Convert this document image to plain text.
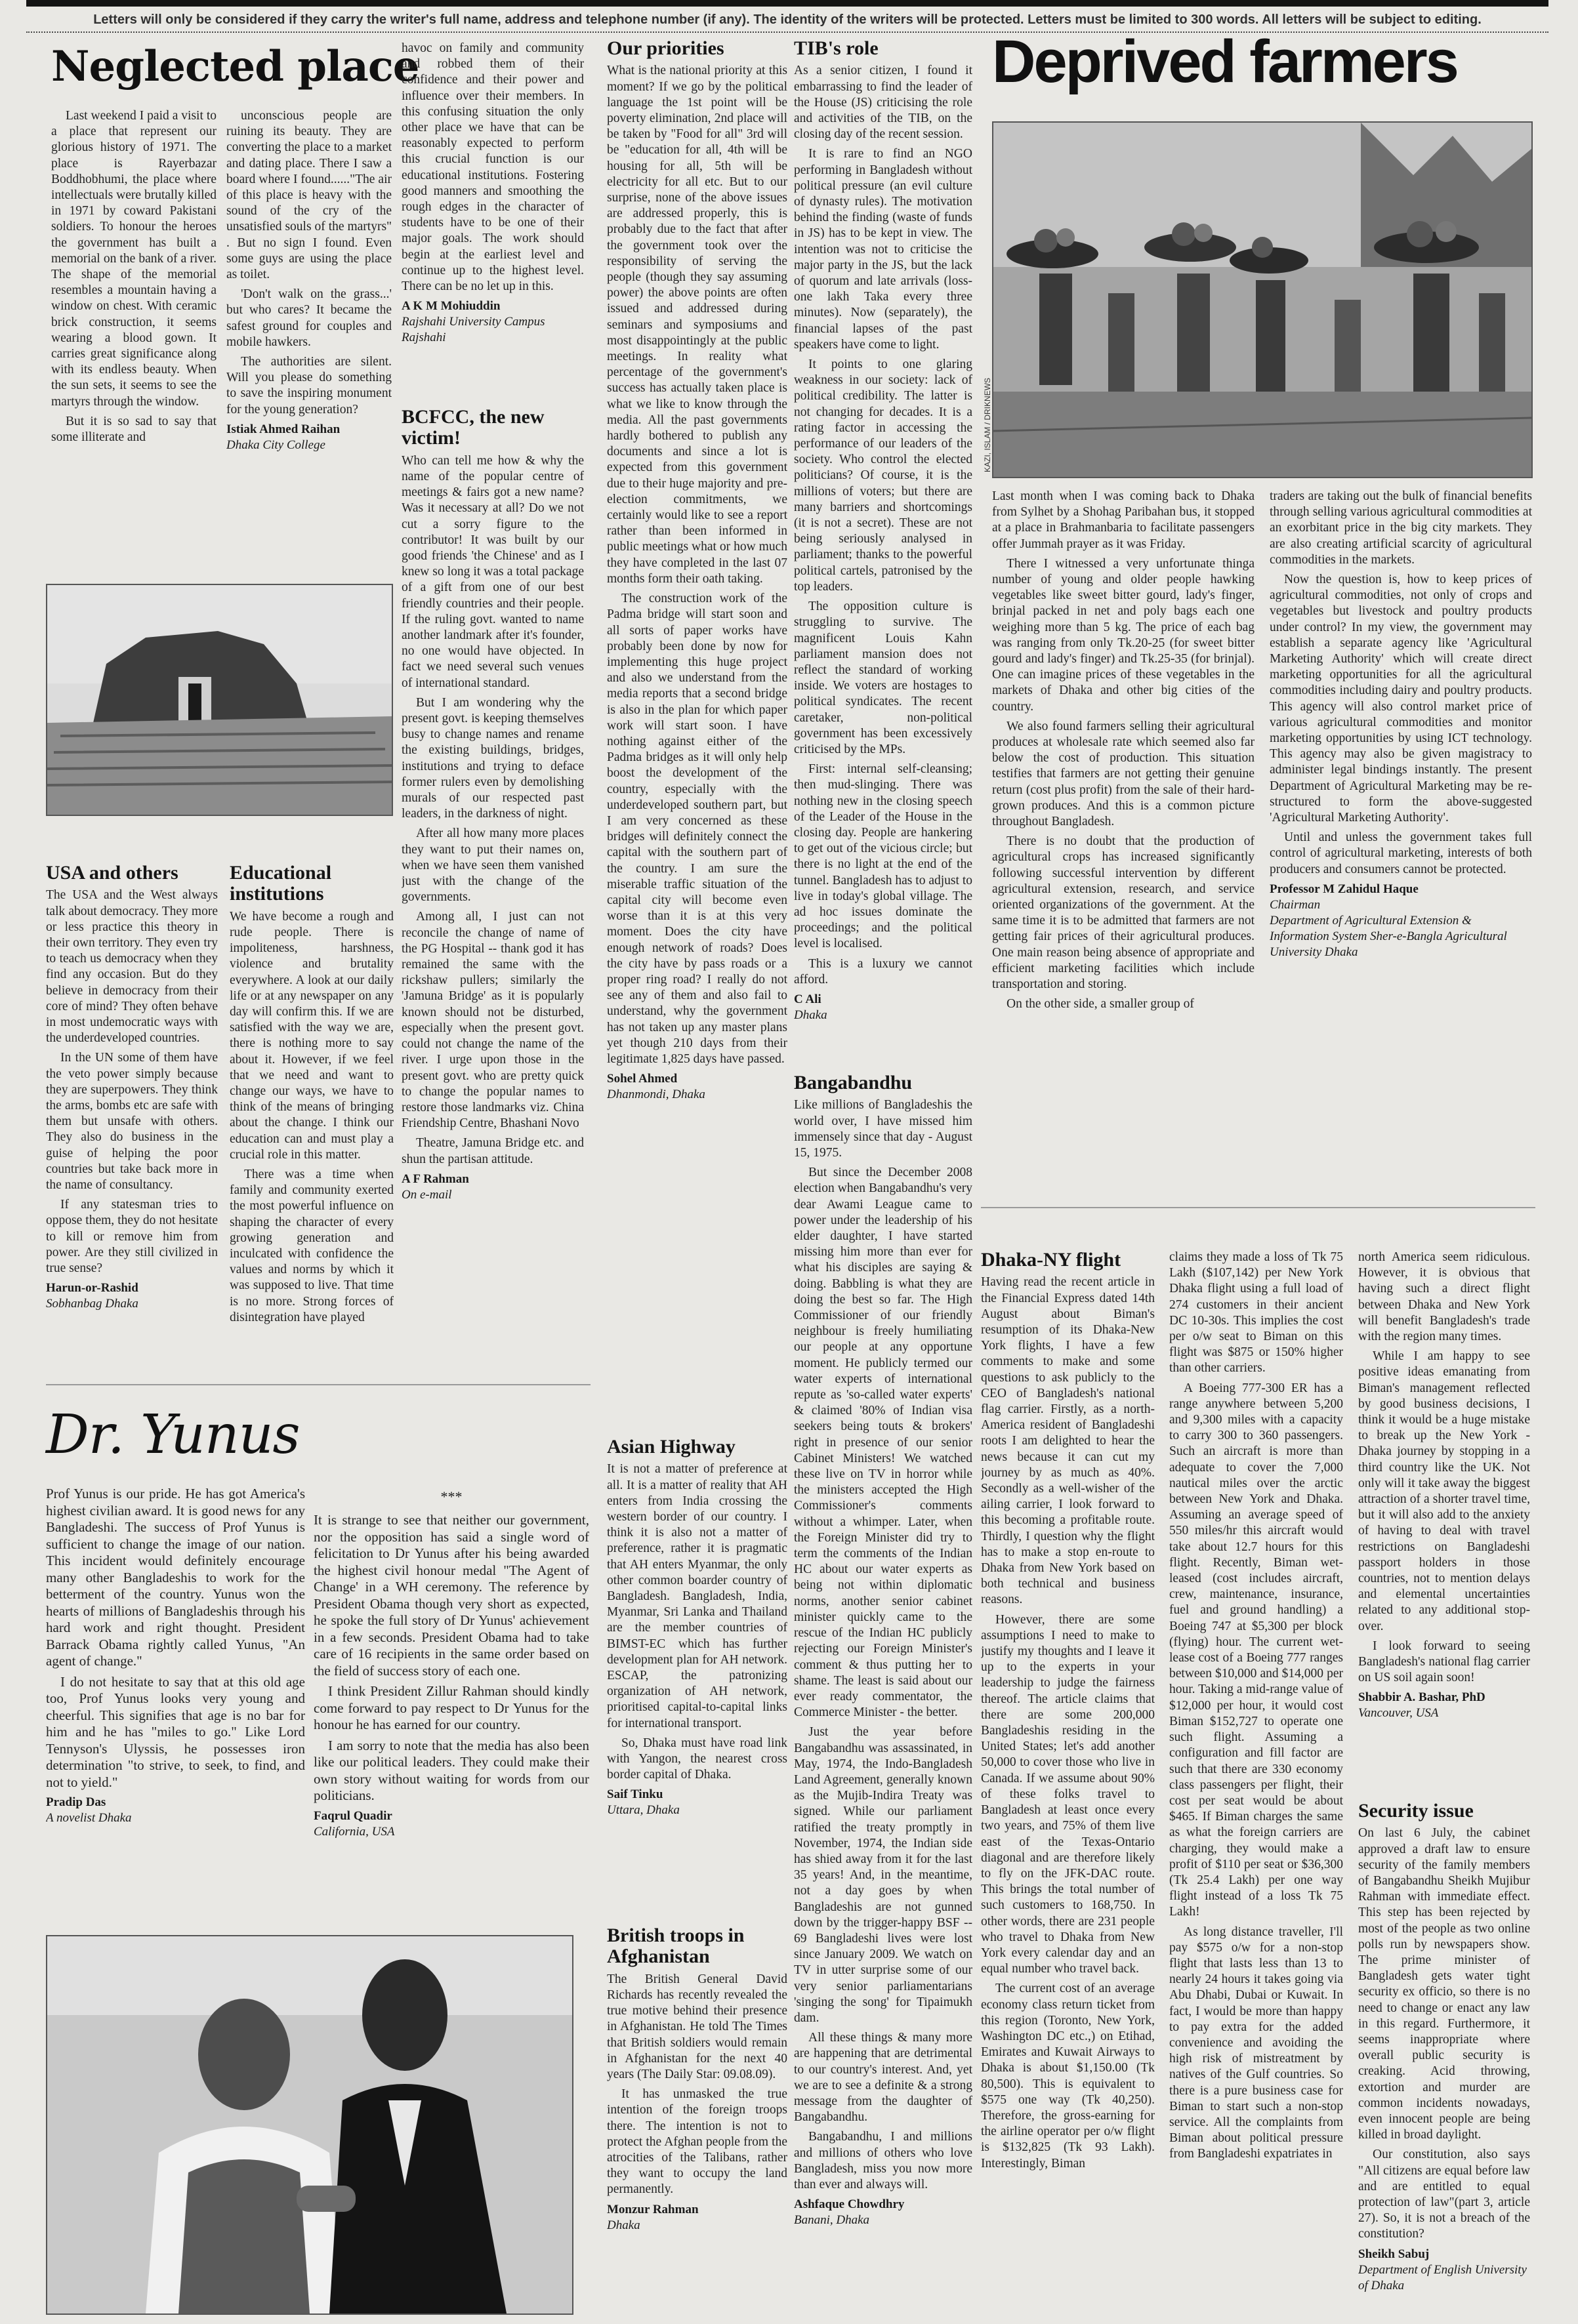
Letters will only be considered if they carry the writer's full name, address and telephone number (if any). The identity of the writers will be protected. Letters must be limited to 300 words. All letters will be subject to editing.
Neglected place

Last weekend I paid a visit to a place that represent our glorious history of 1971. The place is Rayerbazar Boddhobhumi, the place where intellectuals were brutally killed in 1971 by coward Pakistani soldiers. To honour the heroes the government has built a memorial on the bank of a river. The shape of the memorial resembles a mountain having a window on chest. With ceramic brick construction, it seems wearing a blood gown. It carries great significance along with its endless beauty. When the sun sets, it seems to see the martyrs through the window.

But it is so sad to say that some illiterate and

unconscious people are ruining its beauty. They are converting the place to a market and dating place. There I saw a board where I found......"The air of this place is heavy with the sound of the cry of the unsatisfied souls of the martyrs" . But no sign I found. Even some guys are using the place as toilet.

'Don't walk on the grass...' but who cares? It became the safest ground for couples and mobile hawkers.

The authorities are silent. Will you please do something to save the inspiring monument for the young generation?

Istiak Ahmed Raihan
Dhaka City College

havoc on family and community and robbed them of their confidence and their power and influence over their members. In this confusing situation the only other place we have that can be reasonably expected to perform this crucial function is our educational institutions. Fostering good manners and smoothing the rough edges in the character of students have to be one of their major goals. The work should begin at the earliest level and continue up to the highest level. There can be no let up in this.

A K M Mohiuddin
Rajshahi University Campus Rajshahi
BCFCC, the new victim!

Who can tell me how & why the name of the popular centre of meetings & fairs got a new name? Was it necessary at all? Do we not cut a sorry figure to the contributor! It was built by our good friends 'the Chinese' and as I knew so long it was a total package of a gift from one of our best friendly countries and their people. If the ruling govt. wanted to name another landmark after it's founder, no one would have objected. In fact we need several such venues of international standard.

But I am wondering why the present govt. is keeping themselves busy to change names and rename the existing buildings, bridges, institutions and trying to deface former rulers even by demolishing murals of our respected past leaders, in the darkness of night.

After all how many more places they want to put their names on, when we have seen them vanished just with the change of the governments.

Among all, I just can not reconcile the change of name of the PG Hospital -- thank god it has remained the same with the rickshaw pullers; similarly the 'Jamuna Bridge' as it is popularly known should not be disturbed, especially when the present govt. could not change the name of the river. I urge upon those in the present govt. who are pretty quick to change the popular names to restore those landmarks viz. China Friendship Centre, Bhashani Novo

Theatre, Jamuna Bridge etc. and shun the partisan attitude.

A F Rahman
On e-mail
Our priorities

What is the national priority at this moment? If we go by the political language the 1st point will be poverty elimination, 2nd place will be taken by "Food for all" 3rd will be "education for all, 4th will be housing for all, 5th will be electricity for all etc. But to our surprise, none of the above issues are addressed properly, this is probably due to the fact that after the government took over the responsibility of serving the people (though they say assuming power) the above points are often issued and addressed during seminars and symposiums and most disappointingly at the public meetings. In reality what percentage of the government's success has actually taken place is what we like to know through the media. All the past governments hardly bothered to publish any documents and since a lot is expected from this government due to their huge majority and pre-election commitments, we certainly would like to see a report rather than been informed in public meetings what or how much they have completed in the last 07 months form their oath taking.

The construction work of the Padma bridge will start soon and all sorts of paper works have probably been done by now for implementing this huge project and also we understand from the media reports that a second bridge is also in the plan for which paper work will start soon. I have nothing against either of the Padma bridges as it will only help boost the development of the country, especially with the underdeveloped southern part, but I am very concerned as these bridges will definitely connect the capital with the southern part of the country. I am sure the miserable traffic situation of the capital city will become even worse than it is at this very moment. Does the city have enough network of roads? Does the city have by pass roads or a proper ring road? I really do not see any of them and also fail to understand, why the government has not taken up any master plans yet though 210 days from their legitimate 1,825 days have passed.

Sohel Ahmed
Dhanmondi, Dhaka
TIB's role

As a senior citizen, I found it embarrassing to find the leader of the House (JS) criticising the role and activities of the TIB, on the closing day of the recent session.

It is rare to find an NGO performing in Bangladesh without political pressure (an evil culture of dynasty rules). The motivation behind the finding (waste of funds in JS) has to be kept in view. The intention was not to criticise the major party in the JS, but the lack of quorum and late arrivals (loss- one lakh Taka every three minutes). Now (separately), the financial lapses of the past speakers have come to light.

It points to one glaring weakness in our society: lack of political credibility. The latter is not changing for decades. It is a rating factor in accessing the performance of our leaders of the society. Who control the elected politicians? Of course, it is the millions of voters; but there are many barriers and shortcomings (it is not a secret). These are not being seriously analysed in parliament; thanks to the powerful political cartels, patronised by the top leaders.

The opposition culture is struggling to survive. The magnificent Louis Kahn parliament mansion does not reflect the standard of working inside. We voters are hostages to political syndicates. The recent caretaker, non-political government has been excessively criticised by the MPs.

First: internal self-cleansing; then mud-slinging. There was nothing new in the closing speech of the Leader of the House in the closing day. People are hankering to get out of the vicious circle; but there is no light at the end of the tunnel. Bangladesh has to adjust to live in today's global village. The ad hoc issues dominate the proceedings; and the political level is localised.

This is a luxury we cannot afford.

C Ali
Dhaka
Bangabandhu

Like millions of Bangladeshis the world over, I have missed him immensely since that day - August 15, 1975.

But since the December 2008 election when Bangabandhu's very dear Awami League came to power under the leadership of his elder daughter, I have started missing him more than ever for what his disciples are saying & doing. Babbling is what they are doing the best so far. The High Commissioner of our friendly neighbour is freely humiliating our people at any opportune moment. He publicly termed our water experts of international repute as 'so-called water experts' & claimed '80% of Indian visa seekers being touts & brokers' right in presence of our senior Cabinet Ministers! We watched these live on TV in horror while the ministers accepted the High Commissioner's comments without a whimper. Later, when the Foreign Minister did try to term the comments of the Indian HC about our water experts as being not within diplomatic norms, another senior cabinet minister quickly came to the rescue of the Indian HC publicly rejecting our Foreign Minister's comment & thus putting her to shame. The least is said about our ever ready commentator, the Commerce Minister - the better.

Just the year before Bangabandhu was assassinated, in May, 1974, the Indo-Bangladesh Land Agreement, generally known as the Mujib-Indira Treaty was signed. While our parliament ratified the treaty promptly in November, 1974, the Indian side has shied away from it for the last 35 years! And, in the meantime, not a day goes by when Bangladeshis are not gunned down by the trigger-happy BSF -- 69 Bangladeshi lives were lost since January 2009. We watch on TV in utter surprise some of our very senior parliamentarians 'singing the song' for Tipaimukh dam.

All these things & many more are happening that are detrimental to our country's interest. And, yet we are to see a definite & a strong message from the daughter of Bangabandhu.

Bangabandhu, I and millions and millions of others who love Bangladesh, miss you now more than ever and always will.

Ashfaque Chowdhry
Banani, Dhaka
Deprived farmers
KAZI, ISLAM / DRIKNEWS

Last month when I was coming back to Dhaka from Sylhet by a Shohag Paribahan bus, it stopped at a place in Brahmanbaria to facilitate passengers offer Jummah prayer as it was Friday.

There I witnessed a very unfortunate thinga number of young and older people hawking vegetables like sweet bitter gourd, lady's finger, brinjal packed in net and poly bags each one weighing more than 5 kg. The price of each bag was ranging from only Tk.20-25 (for sweet bitter gourd and lady's finger) and Tk.25-35 (for brinjal). One can imagine prices of these vegetables in the markets of Dhaka and other big cities of the country.

We also found farmers selling their agricultural produces at wholesale rate which seemed also far below the cost of production. This situation testifies that farmers are not getting their genuine return (cost plus profit) from the sale of their hard-grown produces. And this is a common picture throughout Bangladesh.

There is no doubt that the production of agricultural crops has increased significantly following successful intervention by different agricultural extension, research, and service oriented organizations of the government. At the same time it is to be admitted that farmers are not getting fair prices of their agricultural produces. One main reason being absence of appropriate and efficient marketing facilities which include transportation and storing.

On the other side, a smaller group of

traders are taking out the bulk of financial benefits through selling various agricultural commodities at an exorbitant price in the big city markets. They are also creating artificial scarcity of agricultural commodities in the markets.

Now the question is, how to keep prices of agricultural commodities, not only of crops and vegetables but livestock and poultry products under control? In my view, the government may establish a separate agency like 'Agricultural Marketing Authority' which will create direct marketing opportunities for all the agricultural commodities including dairy and poultry products. This agency will also control market price of various agricultural commodities and monitor marketing opportunities by using ICT technology. This agency may also be given magistracy to administer legal bindings instantly. The present Department of Agricultural Marketing may be re-structured to form the above-suggested 'Agricultural Marketing Authority'.

Until and unless the government takes full control of agricultural marketing, interests of both producers and consumers cannot be protected.

Professor M Zahidul Haque
Chairman
Department of Agricultural Extension & Information System Sher-e-Bangla Agricultural University Dhaka
USA and others

The USA and the West always talk about democracy. They more or less practice this theory in their own territory. They even try to teach us democracy when they find any occasion. But do they believe in democracy from their core of mind? They often behave in most undemocratic ways with the underdeveloped countries.

In the UN some of them have the veto power simply because they are superpowers. They think the arms, bombs etc are safe with them but unsafe with others. They also do business in the guise of helping the poor countries but take back more in the name of consultancy.

If any statesman tries to oppose them, they do not hesitate to kill or remove him from power. Are they still civilized in true sense?

Harun-or-Rashid
Sobhanbag Dhaka
Educational institutions

We have become a rough and rude people. There is impoliteness, harshness, violence and brutality everywhere. A look at our daily life or at any newspaper on any day will confirm this. If we are satisfied with the way we are, there is nothing more to say about it. However, if we feel that we need and want to change our ways, we have to think of the means of bringing about the change. I think our education can and must play a crucial role in this matter.

There was a time when family and community exerted the most powerful influence on shaping the character of every growing generation and inculcated with confidence the values and norms by which it was supposed to live. That time is no more. Strong forces of disintegration have played

Dr. Yunus

Prof Yunus is our pride. He has got America's highest civilian award. It is good news for any Bangladeshi. The success of Prof Yunus is sufficient to change the image of our nation. This incident would definitely encourage many other Bangladeshis to work for the betterment of the country. Yunus won the hearts of millions of Bangladeshis through his hard work and right thought. President Barrack Obama rightly called Yunus, "An agent of change."

I do not hesitate to say that at this old age too, Prof Yunus looks very young and cheerful. This signifies that age is no bar for him and he has "miles to go." Like Lord Tennyson's Ulyssis, he possesses iron determination "to strive, to seek, to find, and not to yield."

Pradip Das
A novelist Dhaka
***

It is strange to see that neither our government, nor the opposition has said a single word of felicitation to Dr Yunus after his being awarded the highest civil honour medal "The Agent of Change' in a WH ceremony. The reference by President Obama though very short as expected, he spoke the full story of Dr Yunus' achievement in a few seconds. President Obama had to take care of 16 recipients in the same order based on the field of success story of each one.

I think President Zillur Rahman should kindly come forward to pay respect to Dr Yunus for the honour he has earned for our country.

I am sorry to note that the media has also been like our political leaders. They could make their own story without waiting for words from our politicians.

Faqrul Quadir
California, USA
Asian Highway

It is not a matter of preference at all. It is a matter of reality that AH enters from India crossing the western border of our country. I think it is also not a matter of preference, rather it is pragmatic that AH enters Myanmar, the only other common boarder country of Bangladesh. Bangladesh, India, Myanmar, Sri Lanka and Thailand are the member countries of BIMST-EC which has further development plan for AH network. ESCAP, the patronizing organization of AH network, prioritised capital-to-capital links for international transport.

So, Dhaka must have road link with Yangon, the nearest cross border capital of Dhaka.

Saif Tinku
Uttara, Dhaka
British troops in Afghanistan

The British General David Richards has recently revealed the true motive behind their presence in Afghanistan. He told The Times that British soldiers would remain in Afghanistan for the next 40 years (The Daily Star: 09.08.09).

It has unmasked the true intention of the foreign troops there. The intention is not to protect the Afghan people from the atrocities of the Talibans, rather they want to occupy the land permanently.

Monzur Rahman
Dhaka
Dhaka-NY flight

Having read the recent article in the Financial Express dated 14th August about Biman's resumption of its Dhaka-New York flights, I have a few comments to make and some questions to ask publicly to the CEO of Bangladesh's national flag carrier. Firstly, as a north-America resident of Bangladeshi roots I am delighted to hear the news because it can cut my journey by as much as 40%. Secondly as a well-wisher of the ailing carrier, I look forward to this becoming a profitable route. Thirdly, I question why the flight has to make a stop en-route to Dhaka from New York based on both technical and business reasons.

However, there are some assumptions I need to make to justify my thoughts and I leave it up to the experts in your leadership to judge the fairness thereof. The article claims that there are some 200,000 Bangladeshis residing in the United States; let's add another 50,000 to cover those who live in Canada. If we assume about 90% of these folks travel to Bangladesh at least once every two years, and 75% of them live east of the Texas-Ontario diagonal and are therefore likely to fly on the JFK-DAC route. This brings the total number of such customers to 168,750. In other words, there are 231 people who travel to Dhaka from New York every calendar day and an equal number who travel back.

The current cost of an average economy class return ticket from this region (Toronto, New York, Washington DC etc.,) on Etihad, Emirates and Kuwait Airways to Dhaka is about $1,150.00 (Tk 80,500). This is equivalent to $575 one way (Tk 40,250). Therefore, the gross-earning for the airline operator per o/w flight is $132,825 (Tk 93 Lakh). Interestingly, Biman

claims they made a loss of Tk 75 Lakh ($107,142) per New York Dhaka flight using a full load of 274 customers in their ancient DC 10-30s. This implies the cost per o/w seat to Biman on this flight was $875 or 150% higher than other carriers.

A Boeing 777-300 ER has a range anywhere between 5,200 and 9,300 miles with a capacity to carry 300 to 360 passengers. Such an aircraft is more than adequate to cover the 7,000 nautical miles over the arctic between New York and Dhaka. Assuming an average speed of 550 miles/hr this aircraft would take about 12.7 hours for this flight. Recently, Biman wet-leased (cost includes aircraft, crew, maintenance, insurance, fuel and ground handling) a Boeing 747 at $5,300 per block (flying) hour. The current wet-lease cost of a Boeing 777 ranges between $10,000 and $14,000 per hour. Taking a mid-range value of $12,000 per hour, it would cost Biman $152,727 to operate one such flight. Assuming a configuration and fill factor are such that there are 330 economy class passengers per flight, their cost per seat would be about $465. If Biman charges the same as what the foreign carriers are charging, they would make a profit of $110 per seat or $36,300 (Tk 25.4 Lakh) per one way flight instead of a loss Tk 75 Lakh!

As long distance traveller, I'll pay $575 o/w for a non-stop flight that lasts less than 13 to nearly 24 hours it takes going via Abu Dhabi, Dubai or Kuwait. In fact, I would be more than happy to pay extra for the added convenience and avoiding the high risk of mistreatment by natives of the Gulf countries. So there is a pure business case for Biman to start such a non-stop service. All the complaints from Biman about political pressure from Bangladeshi expatriates in

north America seem ridiculous. However, it is obvious that having such a direct flight between Dhaka and New York will benefit Bangladesh's trade with the region many times.

While I am happy to see positive ideas emanating from Biman's management reflected by good business decisions, I think it would be a huge mistake to break up the New York - Dhaka journey by stopping in a third country like the UK. Not only will it take away the biggest attraction of a shorter travel time, but it will also add to the anxiety of having to deal with travel restrictions on Bangladeshi passport holders in those countries, not to mention delays and elemental uncertainties related to any additional stop-over.

I look forward to seeing Bangladesh's national flag carrier on US soil again soon!

Shabbir A. Bashar, PhD
Vancouver, USA
Security issue

On last 6 July, the cabinet approved a draft law to ensure security of the family members of Bangabandhu Sheikh Mujibur Rahman with immediate effect. This step has been rejected by most of the people as two online polls run by newspapers show. The prime minister of Bangladesh gets water tight security ex officio, so there is no need to change or enact any law in this regard. Furthermore, it seems inappropriate where overall public security is creaking. Acid throwing, extortion and murder are common incidents nowadays, even innocent people are being killed in broad daylight.

Our constitution, also says "All citizens are equal before law and are entitled to equal protection of law"(part 3, article 27). So, it is not a breach of the constitution?

Sheikh Sabuj
Department of English University of Dhaka
